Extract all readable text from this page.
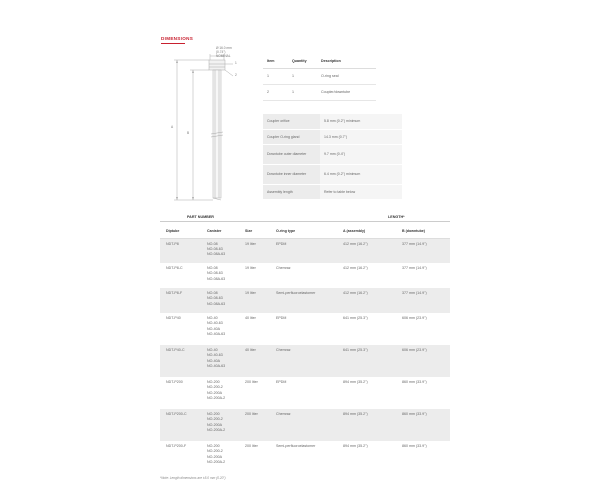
DIMENSIONS
Ø 16.0 mm
(0.74")
NOMINAL
1
2
A
B
Item	Quantity	Description
1	1	O-ring seal
2	1	Coupler/downtube
Coupler orifice	5.8 mm (0.2") minimum
Coupler O-ring gland	14.3 mm (0.7")
Downtube outer diameter	9.7 mm (0.4")
Downtube inner diameter	6.4 mm (0.2") minimum
Assembly length	Refer to table below
PART NUMBER	LENGTH*
Diptube	Canister	Size	O-ring type	A (assembly)	B (downtube)
NDT-P8	NO-08
NO-08-63
NO-08A-63	19 liter	EPDM	412 mm (16.2")	377 mm (14.9")
NDT-P8-C	NO-08
NO-08-63
NO-08A-63	19 liter	Chemraz	412 mm (16.2")	377 mm (14.9")
NDT-P8-F	NO-08
NO-08-63
NO-08A-63	19 liter	Semi-perfluoroelastomer	412 mm (16.2")	377 mm (14.9")
NDT-P40	NO-40
NO-40-63
NO-40A
NO-40A-63	40 liter	EPDM	641 mm (25.3")	606 mm (23.9")
NDT-P40-C	NO-40
NO-40-63
NO-40A
NO-40A-63	40 liter	Chemraz	641 mm (25.3")	606 mm (23.9")
NDT-P200	NO-200
NO-200-2
NO-200A
NO-200A-2	200 liter	EPDM	894 mm (35.2")	860 mm (33.9")
NDT-P200-C	NO-200
NO-200-2
NO-200A
NO-200A-2	200 liter	Chemraz	894 mm (35.2")	860 mm (33.9")
NDT-P200-F	NO-200
NO-200-2
NO-200A
NO-200A-2	200 liter	Semi-perfluoroelastomer	894 mm (35.2")	860 mm (33.9")
*Note: Length dimensions are ±5.0 mm (0.20")
